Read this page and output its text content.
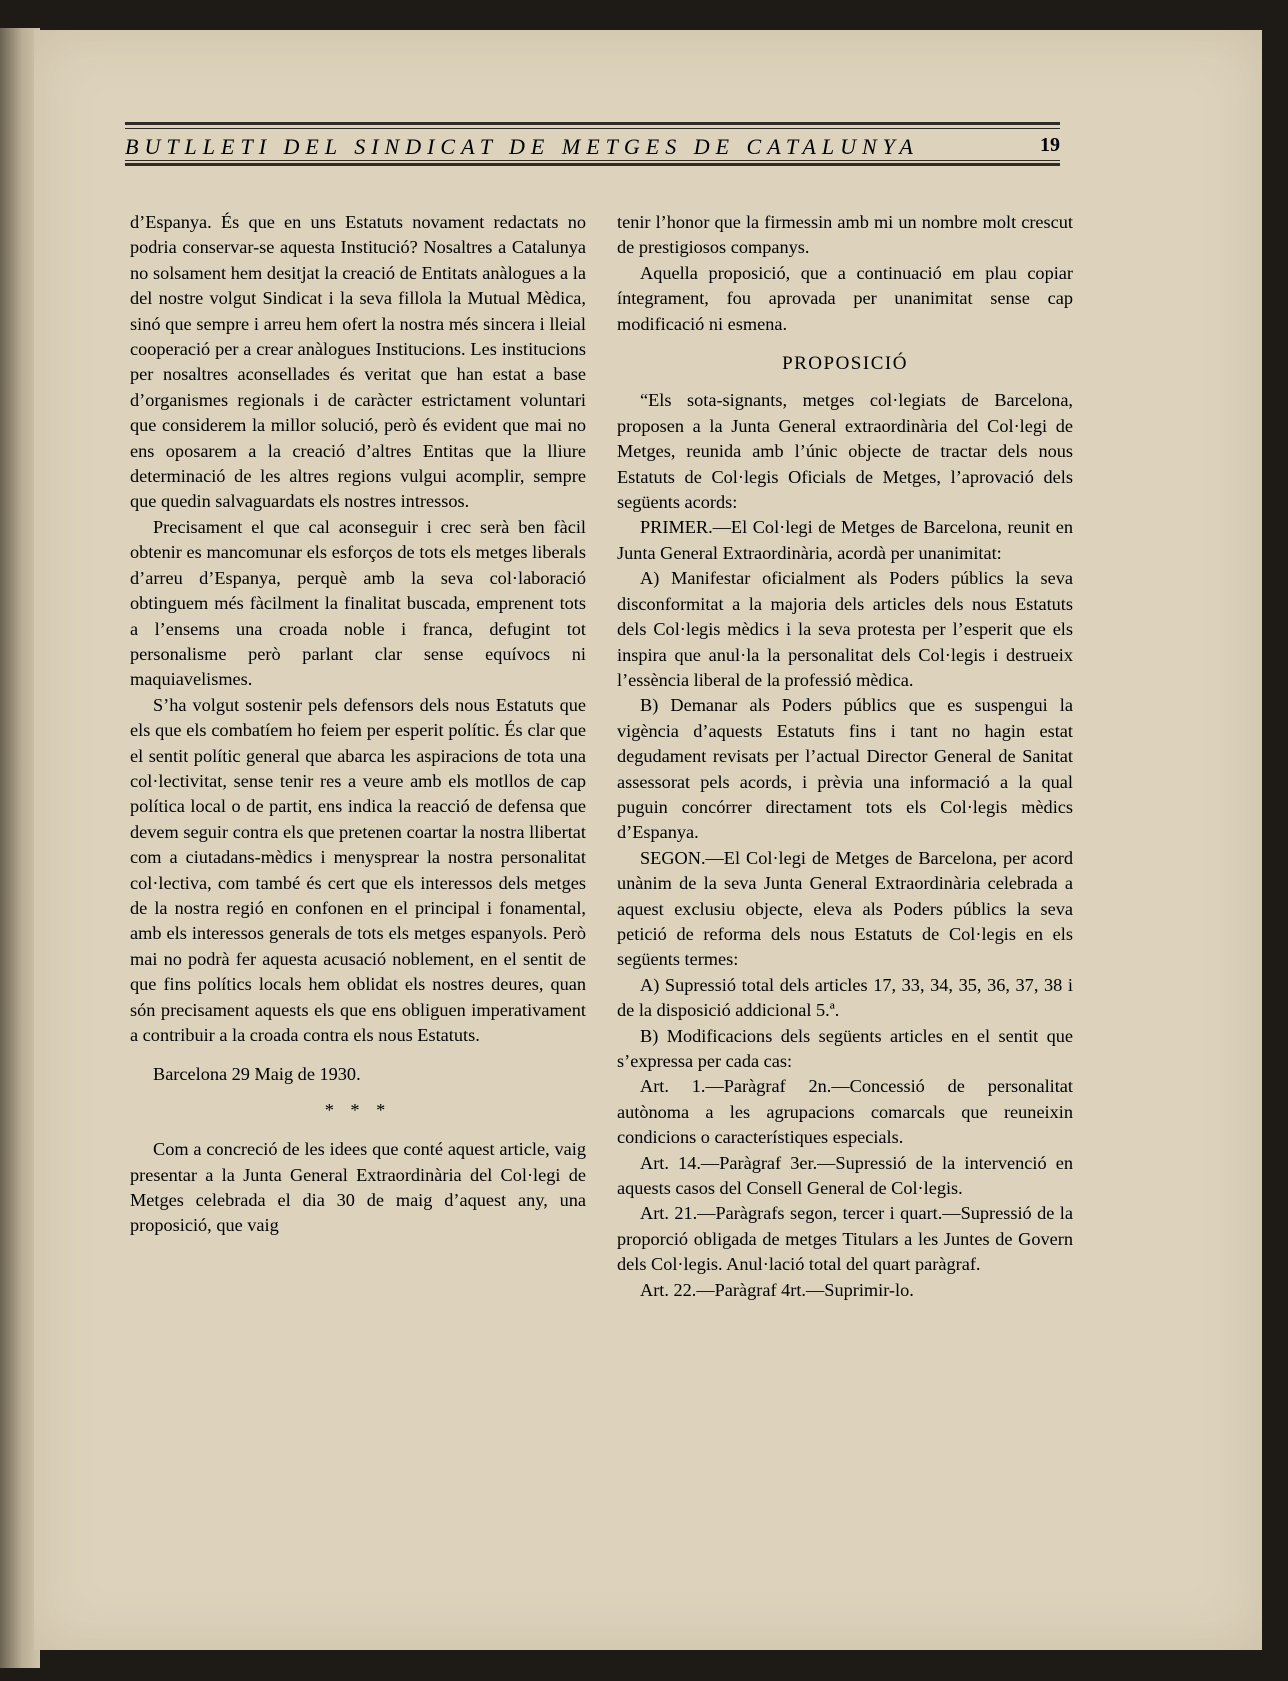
BUTLLETI DEL SINDICAT DE METGES DE CATALUNYA	19

d’Espanya. És que en uns Estatuts novament redactats no podria conservar-se aquesta Institució? Nosaltres a Catalunya no solsament hem desitjat la creació de Entitats anàlogues a la del nostre volgut Sindicat i la seva fillola la Mutual Mèdica, sinó que sempre i arreu hem ofert la nostra més sincera i lleial cooperació per a crear anàlogues Institucions. Les institucions per nosaltres aconsellades és veritat que han estat a base d’organismes regionals i de caràcter estrictament voluntari que considerem la millor solució, però és evident que mai no ens oposarem a la creació d’altres Entitas que la lliure determinació de les altres regions vulgui acomplir, sempre que quedin salvaguardats els nostres intressos.

Precisament el que cal aconseguir i crec serà ben fàcil obtenir es mancomunar els esforços de tots els metges liberals d’arreu d’Espanya, perquè amb la seva col·laboració obtinguem més fàcilment la finalitat buscada, emprenent tots a l’ensems una croada noble i franca, defugint tot personalisme però parlant clar sense equívocs ni maquiavelismes.

S’ha volgut sostenir pels defensors dels nous Estatuts que els que els combatíem ho feiem per esperit polític. És clar que el sentit polític general que abarca les aspiracions de tota una col·lectivitat, sense tenir res a veure amb els motllos de cap política local o de partit, ens indica la reacció de defensa que devem seguir contra els que pretenen coartar la nostra llibertat com a ciutadans-mèdics i menysprear la nostra personalitat col·lectiva, com també és cert que els interessos dels metges de la nostra regió en confonen en el principal i fonamental, amb els interessos generals de tots els metges espanyols. Però mai no podrà fer aquesta acusació noblement, en el sentit de que fins polítics locals hem oblidat els nostres deures, quan són precisament aquests els que ens obliguen imperativament a contribuir a la croada contra els nous Estatuts.

Barcelona 29 Maig de 1930.

* * *

Com a concreció de les idees que conté aquest article, vaig presentar a la Junta General Extraordinària del Col·legi de Metges celebrada el dia 30 de maig d’aquest any, una proposició, que vaig

tenir l’honor que la firmessin amb mi un nombre molt crescut de prestigiosos companys.

Aquella proposició, que a continuació em plau copiar íntegrament, fou aprovada per unanimitat sense cap modificació ni esmena.

PROPOSICIÓ

“Els sota-signants, metges col·legiats de Barcelona, proposen a la Junta General extraordinària del Col·legi de Metges, reunida amb l’únic objecte de tractar dels nous Estatuts de Col·legis Oficials de Metges, l’aprovació dels següents acords:

PRIMER.—El Col·legi de Metges de Barcelona, reunit en Junta General Extraordinària, acordà per unanimitat:

A) Manifestar oficialment als Poders públics la seva disconformitat a la majoria dels articles dels nous Estatuts dels Col·legis mèdics i la seva protesta per l’esperit que els inspira que anul·la la personalitat dels Col·legis i destrueix l’essència liberal de la professió mèdica.

B) Demanar als Poders públics que es suspengui la vigència d’aquests Estatuts fins i tant no hagin estat degudament revisats per l’actual Director General de Sanitat assessorat pels acords, i prèvia una informació a la qual puguin concórrer directament tots els Col·legis mèdics d’Espanya.

SEGON.—El Col·legi de Metges de Barcelona, per acord unànim de la seva Junta General Extraordinària celebrada a aquest exclusiu objecte, eleva als Poders públics la seva petició de reforma dels nous Estatuts de Col·legis en els següents termes:

A) Supressió total dels articles 17, 33, 34, 35, 36, 37, 38 i de la disposició addicional 5.ª.

B) Modificacions dels següents articles en el sentit que s’expressa per cada cas:

Art. 1.—Paràgraf 2n.—Concessió de personalitat autònoma a les agrupacions comarcals que reuneixin condicions o característiques especials.

Art. 14.—Paràgraf 3er.—Supressió de la intervenció en aquests casos del Consell General de Col·legis.

Art. 21.—Paràgrafs segon, tercer i quart.—Supressió de la proporció obligada de metges Titulars a les Juntes de Govern dels Col·legis. Anul·lació total del quart paràgraf.

Art. 22.—Paràgraf 4rt.—Suprimir-lo.
